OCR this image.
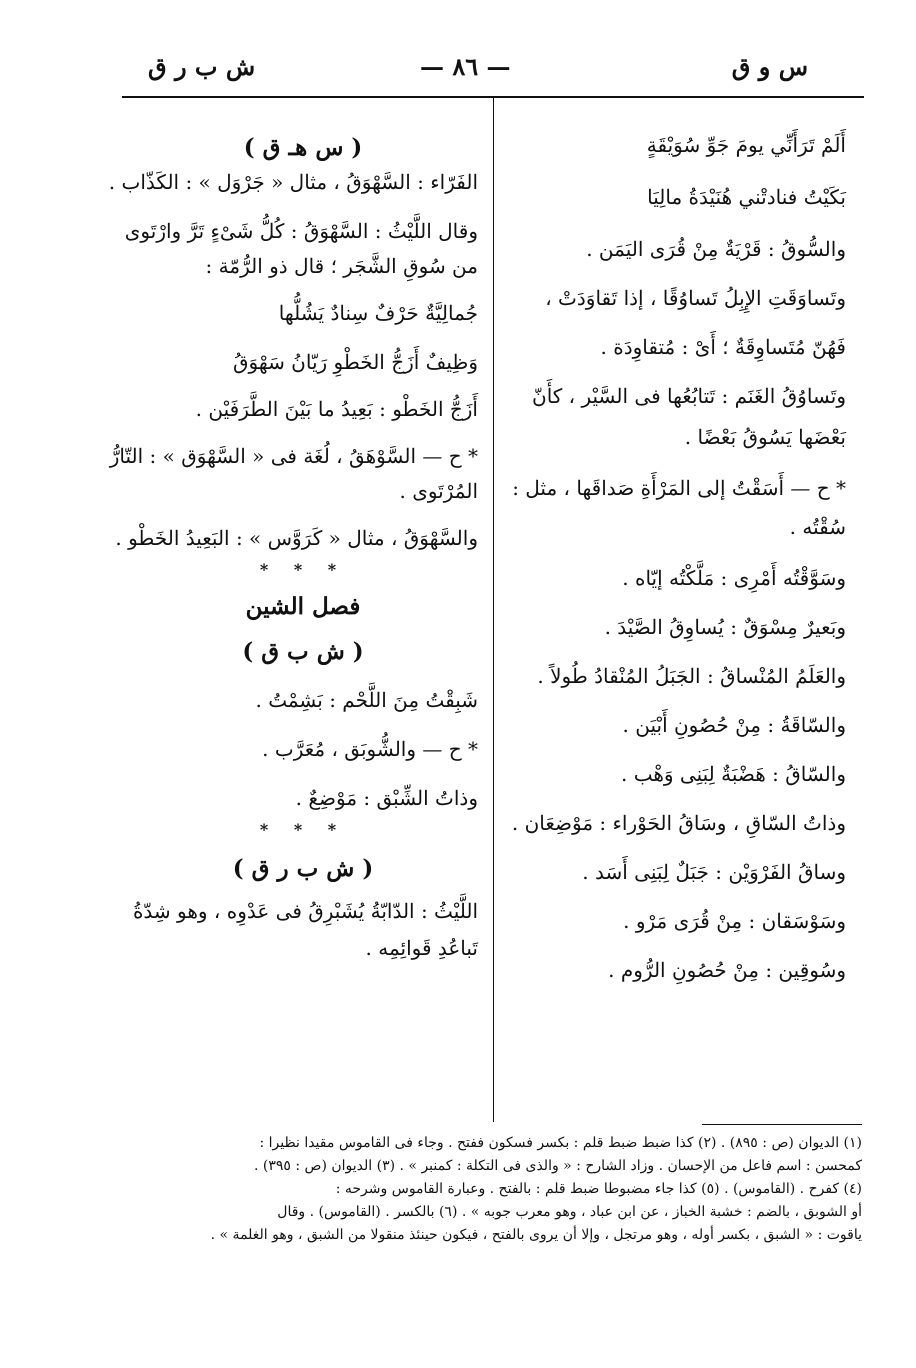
س و ق
— ٨٦ —
ش ب ر ق

أَلَمْ تَرَأَنِّي يومَ جَوِّ سُوَيْقَةٍ

بَكَيْتُ فنادتْني هُنَيْدَةُ مالِيَا

والسُّوقُ : قَرْيَةٌ مِنْ قُرَى اليَمَن .

وتَساوَقَتِ الإِبِلُ تَساوُقًا ، إذا تَقاوَدَتْ ،

فَهُنّ مُتَساوِقَةٌ ؛ أَىْ : مُتقاوِدَة .

وتَساوُقُ الغَنَم : تَتابُعُها فى السَّيْر ، كأَنّ

بَعْضَها يَسُوقُ بَعْضًا .

* ح — أَسَقْتُ إلى المَرْأَةِ صَداقَها ، مثل :

سُقْتُه .

وسَوَّقْتُه أَمْرِى : مَلَّكْتُه إيّاه .

وبَعيرٌ مِسْوَقٌ : يُساوِقُ الصَّيْدَ .

والعَلَمُ المُنْساقُ : الجَبَلُ المُنْقادُ طُولاً .

والسّاقَةُ : مِنْ حُصُونِ أَبْيَن .

والسّاقُ : هَضْبَةٌ لِبَنِى وَهْب .

وذاتُ السّاقِ ، وسَاقُ الحَوْراء : مَوْضِعَان .

وساقُ الفَرْوَيْن : جَبَلٌ لِبَنِى أَسَد .

وسَوْسَقان : مِنْ قُرَى مَرْو .

وسُوقِين : مِنْ حُصُونِ الرُّوم .

( س هـ ق )

الفَرّاء : السَّهْوَقُ ، مثال « جَرْوَل » : الكَذّاب .

وقال اللَّيْثُ : السَّهْوَقُ : كُلُّ شَىْءٍ تَرَّ وارْتَوى

من سُوقِ الشَّجَر ؛ قال ذو الرُّمّة :

جُمالِيَّةٌ حَرْفٌ سِنادٌ يَشُلُّها

وَظِيفٌ أَزَجُّ الخَطْوِ رَيّانُ سَهْوَقُ

أَزَجُّ الخَطْو : بَعِيدُ ما بَيْنَ الطَّرَفَيْن .

* ح — السَّوْهَقُ ، لُغَة فى « السَّهْوَق » : التّارُّ

المُرْتَوى .

والسَّهْوَقُ ، مثال « كَرَوَّس » : البَعِيدُ الخَطْو .

* * *

فصل الشين

( ش ب ق )

شَبِقْتُ مِنَ اللَّحْم : بَشِمْتُ .

* ح — والشُّوبَق ، مُعَرَّب .

وذاتُ الشِّبْق : مَوْضِعٌ .

* * *

( ش ب ر ق )

اللَّيْثُ : الدّابّةُ يُشَبْرِقُ فى عَدْوِه ، وهو شِدّةُ

تَباعُدِ قَوائِمِه .

(١) الديوان (ص : ٨٩٥) . (٢) كذا ضبط ضبط قلم : بكسر فسكون ففتح . وجاء فى القاموس مقيدا نظيرا :

كمحسن : اسم فاعل من الإحسان . وزاد الشارح : « والذى فى التكلة : كمنبر » . (٣) الديوان (ص : ٣٩٥) .

(٤) كفرح . (القاموس) . (٥) كذا جاء مضبوطا ضبط قلم : بالفتح . وعبارة القاموس وشرحه :

أو الشوبق ، بالضم : خشبة الخباز ، عن ابن عباد ، وهو معرب جوبه » . (٦) بالكسر . (القاموس) . وقال

ياقوت : « الشبق ، بكسر أوله ، وهو مرتجل ، وإلا أن يروى بالفتح ، فيكون حينئذ منقولا من الشبق ، وهو الغلمة » .
